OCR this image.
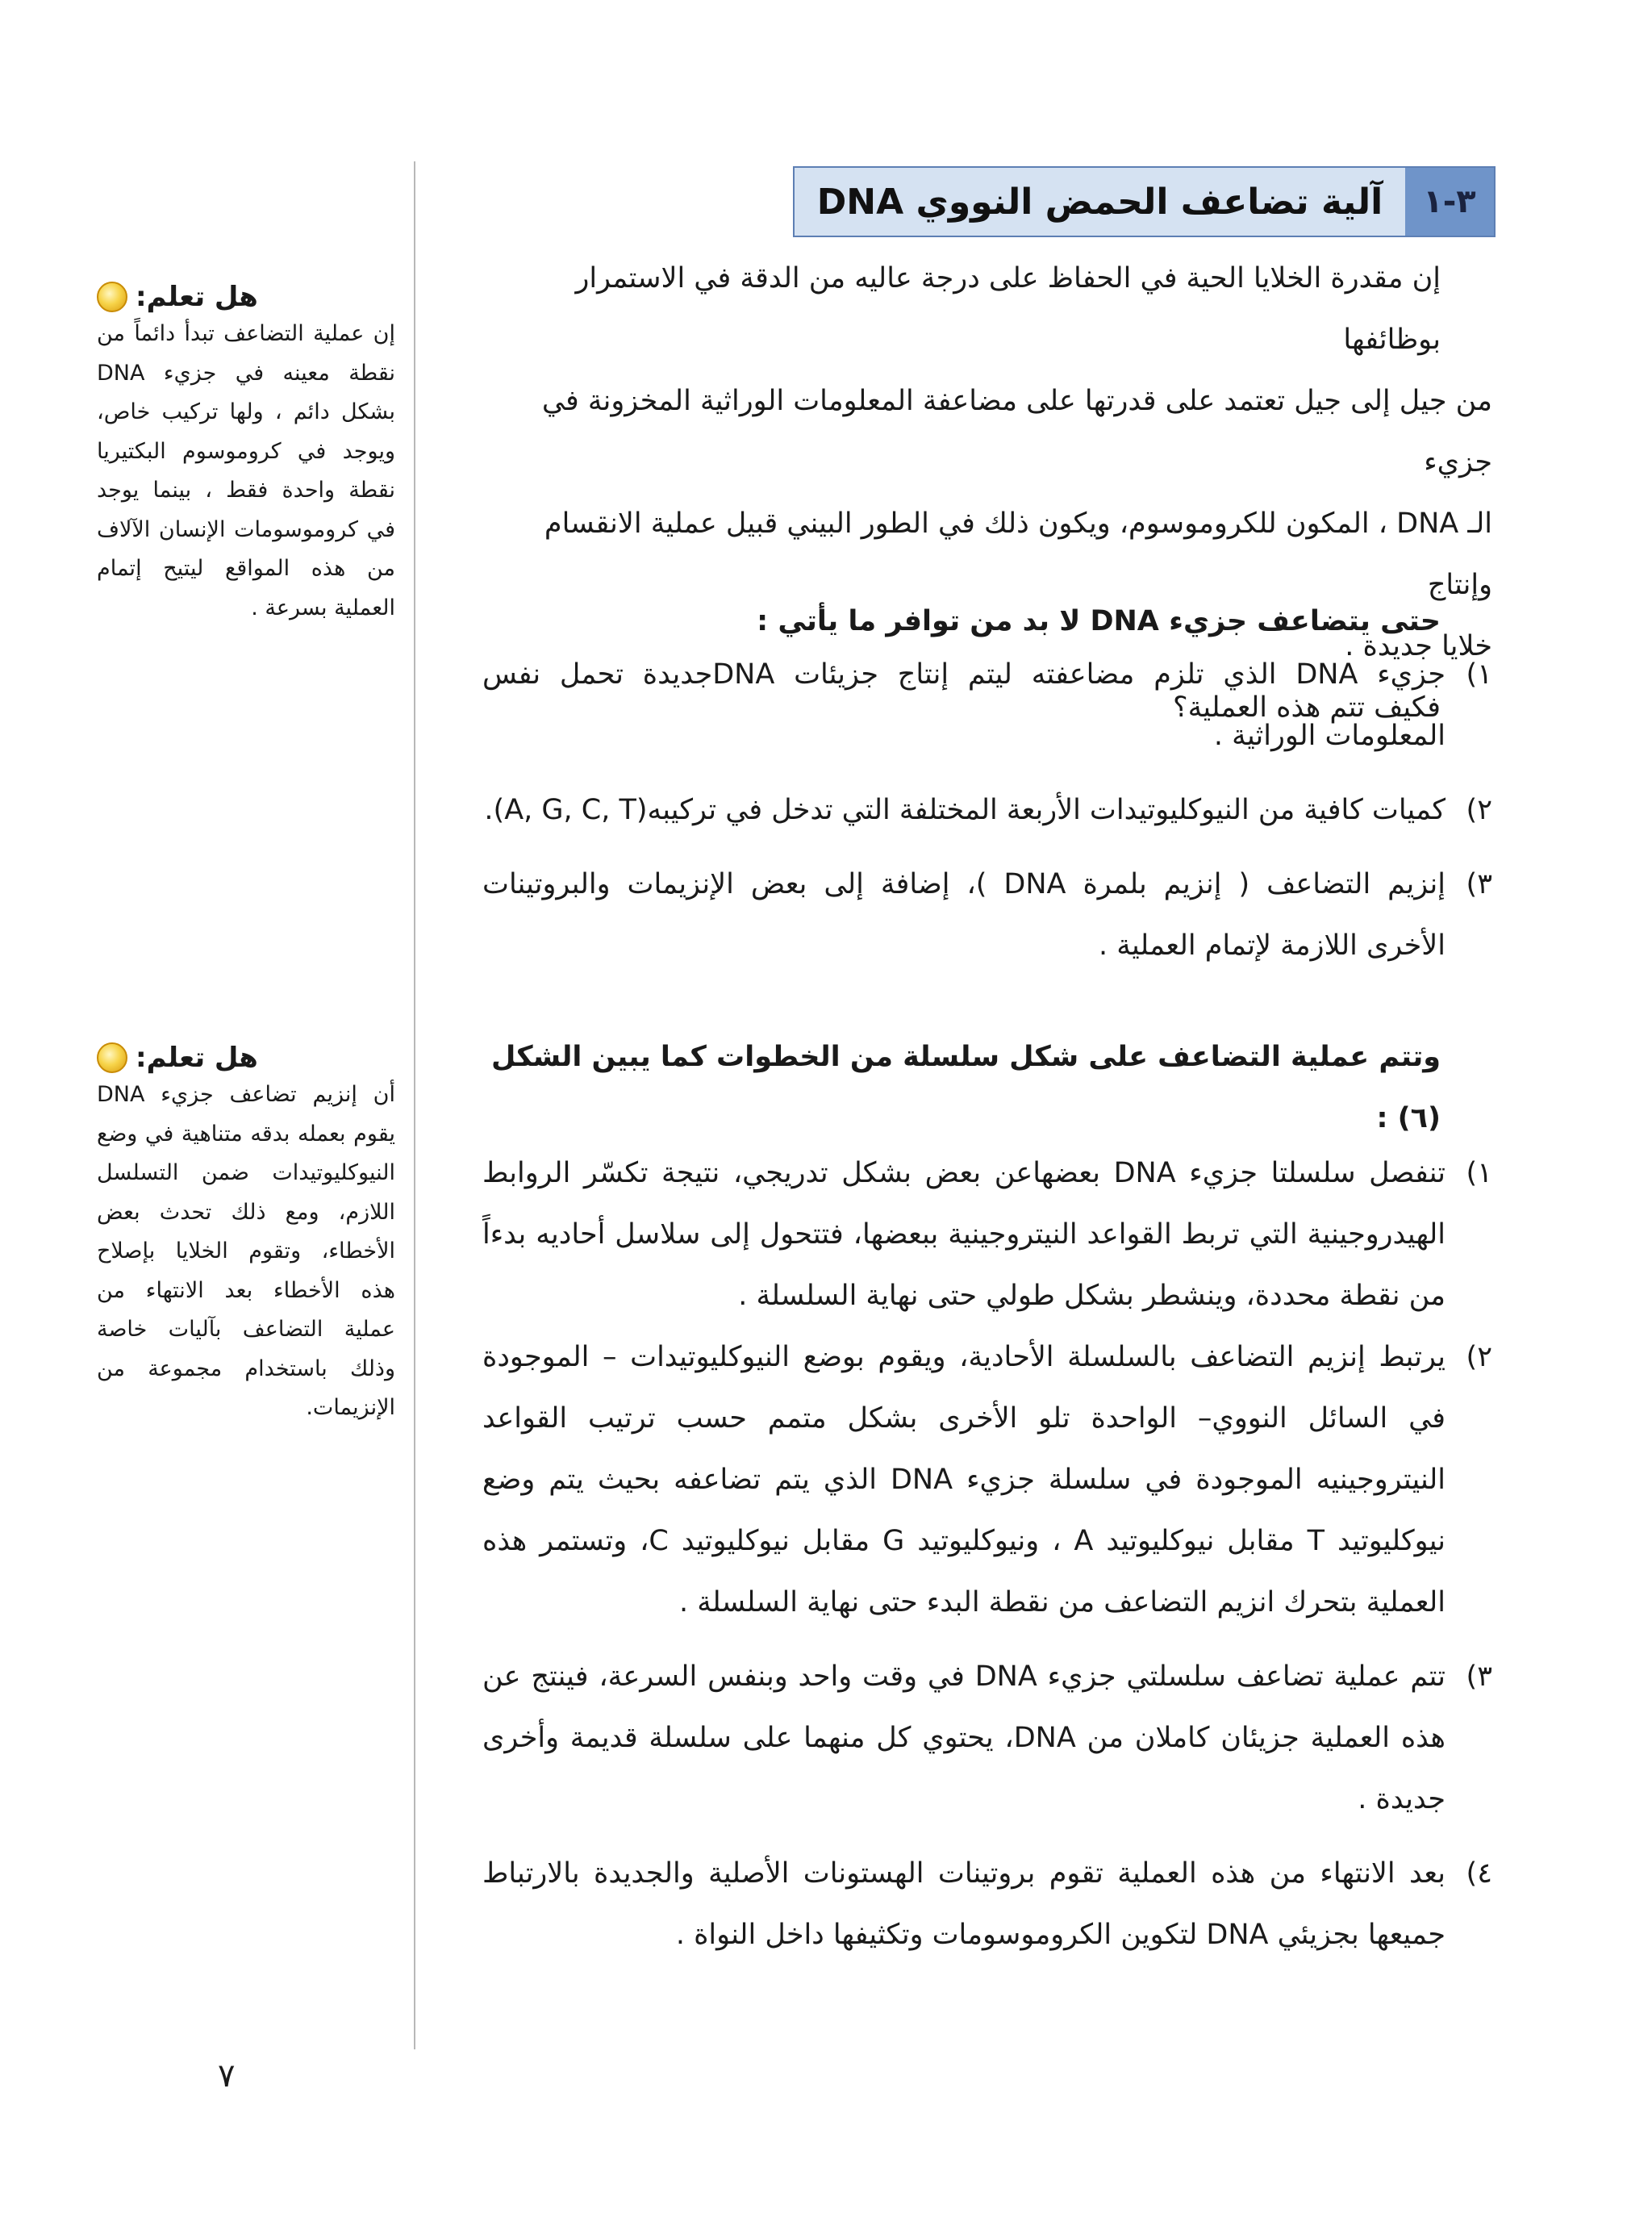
٣-١
آلية تضاعف الحمض النووي DNA

إن مقدرة الخلايا الحية في الحفاظ على درجة عاليه من الدقة في الاستمرار بوظائفها

من جيل إلى جيل تعتمد على قدرتها على مضاعفة المعلومات الوراثية المخزونة في جزيء

الـ DNA ، المكون للكروموسوم، ويكون ذلك في الطور البيني قبيل عملية الانقسام وإنتاج

خلايا جديدة .

فكيف تتم هذه العملية؟

حتى يتضاعف جزيء DNA لا بد من توافر ما يأتي :

١)
جزيء DNA الذي تلزم مضاعفته ليتم إنتاج جزيئات DNAجديدة تحمل نفس المعلومات الوراثية .
٢)
كميات كافية من النيوكليوتيدات الأربعة المختلفة التي تدخل في تركيبه(A, G, C, T).
٣)
إنزيم التضاعف ( إنزيم بلمرة DNA )، إضافة إلى بعض الإنزيمات والبروتينات الأخرى اللازمة لإتمام العملية .

وتتم عملية التضاعف على شكل سلسلة من الخطوات كما يبين الشكل (٦) :

١)
تنفصل سلسلتا جزيء DNA بعضهاعن بعض بشكل تدريجي، نتيجة تكسّر الروابط الهيدروجينية التي تربط القواعد النيتروجينية ببعضها، فتتحول إلى سلاسل أحاديه بدءاً من نقطة محددة، وينشطر بشكل طولي حتى نهاية السلسلة .
٢)
يرتبط إنزيم التضاعف بالسلسلة الأحادية، ويقوم بوضع النيوكليوتيدات – الموجودة في السائل النووي– الواحدة تلو الأخرى بشكل متمم حسب ترتيب القواعد النيتروجينيه الموجودة في سلسلة جزيء DNA الذي يتم تضاعفه بحيث يتم وضع نيوكليوتيد T مقابل نيوكليوتيد A ، ونيوكليوتيد G مقابل نيوكليوتيد C، وتستمر هذه العملية بتحرك انزيم التضاعف من نقطة البدء حتى نهاية السلسلة .
٣)
تتم عملية تضاعف سلسلتي جزيء DNA في وقت واحد وبنفس السرعة، فينتج عن هذه العملية جزيئان كاملان من DNA، يحتوي كل منهما على سلسلة قديمة وأخرى جديدة .
٤)
بعد الانتهاء من هذه العملية تقوم بروتينات الهستونات الأصلية والجديدة بالارتباط جميعها بجزيئي DNA لتكوين الكروموسومات وتكثيفها داخل النواة .
هل تعلم:

إن عملية التضاعف تبدأ دائماً من نقطة معينه في جزيء DNA بشكل دائم ، ولها تركيب خاص، ويوجد في كروموسوم البكتيريا نقطة واحدة فقط ، بينما يوجد في كروموسومات الإنسان الآلاف من هذه المواقع ليتيح إتمام العملية بسرعة .

هل تعلم:

أن إنزيم تضاعف جزيء DNA يقوم بعمله بدقه متناهية في وضع النيوكليوتيدات ضمن التسلسل اللازم، ومع ذلك تحدث بعض الأخطاء، وتقوم الخلايا بإصلاح هذه الأخطاء بعد الانتهاء من عملية التضاعف بآليات خاصة وذلك باستخدام مجموعة من الإنزيمات.

٧
